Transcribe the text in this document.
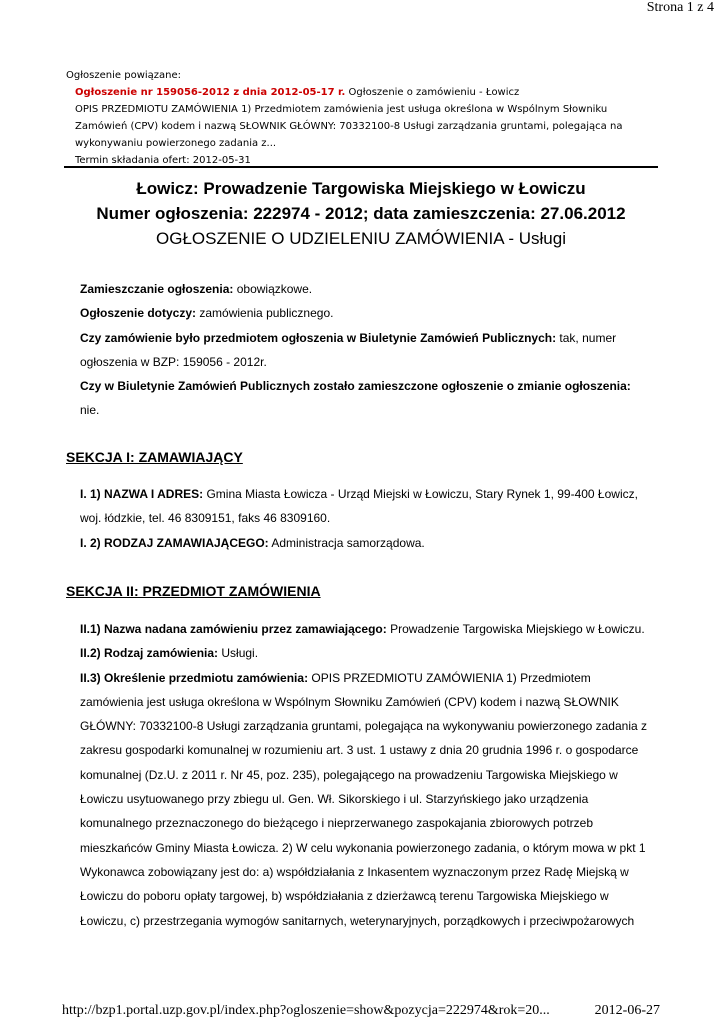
Strona 1 z 4
Ogłoszenie powiązane:
Ogłoszenie nr 159056-2012 z dnia 2012-05-17 r. Ogłoszenie o zamówieniu - Łowicz
OPIS PRZEDMIOTU ZAMÓWIENIA 1) Przedmiotem zamówienia jest usługa określona w Wspólnym Słowniku
Zamówień (CPV) kodem i nazwą SŁOWNIK GŁÓWNY: 70332100-8 Usługi zarządzania gruntami, polegająca na
wykonywaniu powierzonego zadania z...
Termin składania ofert: 2012-05-31
Łowicz: Prowadzenie Targowiska Miejskiego w Łowiczu
Numer ogłoszenia: 222974 - 2012; data zamieszczenia: 27.06.2012
OGŁOSZENIE O UDZIELENIU ZAMÓWIENIA - Usługi
Zamieszczanie ogłoszenia: obowiązkowe.
Ogłoszenie dotyczy: zamówienia publicznego.
Czy zamówienie było przedmiotem ogłoszenia w Biuletynie Zamówień Publicznych: tak, numer
ogłoszenia w BZP: 159056 - 2012r.
Czy w Biuletynie Zamówień Publicznych zostało zamieszczone ogłoszenie o zmianie ogłoszenia:
nie.
SEKCJA I: ZAMAWIAJĄCY
I. 1) NAZWA I ADRES: Gmina Miasta Łowicza - Urząd Miejski w Łowiczu, Stary Rynek 1, 99-400 Łowicz,
woj. łódzkie, tel. 46 8309151, faks 46 8309160.
I. 2) RODZAJ ZAMAWIAJĄCEGO: Administracja samorządowa.
SEKCJA II: PRZEDMIOT ZAMÓWIENIA
II.1) Nazwa nadana zamówieniu przez zamawiającego: Prowadzenie Targowiska Miejskiego w Łowiczu.
II.2) Rodzaj zamówienia: Usługi.
II.3) Określenie przedmiotu zamówienia: OPIS PRZEDMIOTU ZAMÓWIENIA 1) Przedmiotem
zamówienia jest usługa określona w Wspólnym Słowniku Zamówień (CPV) kodem i nazwą SŁOWNIK
GŁÓWNY: 70332100-8 Usługi zarządzania gruntami, polegająca na wykonywaniu powierzonego zadania z
zakresu gospodarki komunalnej w rozumieniu art. 3 ust. 1 ustawy z dnia 20 grudnia 1996 r. o gospodarce
komunalnej (Dz.U. z 2011 r. Nr 45, poz. 235), polegającego na prowadzeniu Targowiska Miejskiego w
Łowiczu usytuowanego przy zbiegu ul. Gen. Wł. Sikorskiego i ul. Starzyńskiego jako urządzenia
komunalnego przeznaczonego do bieżącego i nieprzerwanego zaspokajania zbiorowych potrzeb
mieszkańców Gminy Miasta Łowicza. 2) W celu wykonania powierzonego zadania, o którym mowa w pkt 1
Wykonawca zobowiązany jest do: a) współdziałania z Inkasentem wyznaczonym przez Radę Miejską w
Łowiczu do poboru opłaty targowej, b) współdziałania z dzierżawcą terenu Targowiska Miejskiego w
Łowiczu, c) przestrzegania wymogów sanitarnych, weterynaryjnych, porządkowych i przeciwpożarowych
http://bzp1.portal.uzp.gov.pl/index.php?ogloszenie=show&pozycja=222974&rok=20...	2012-06-27
